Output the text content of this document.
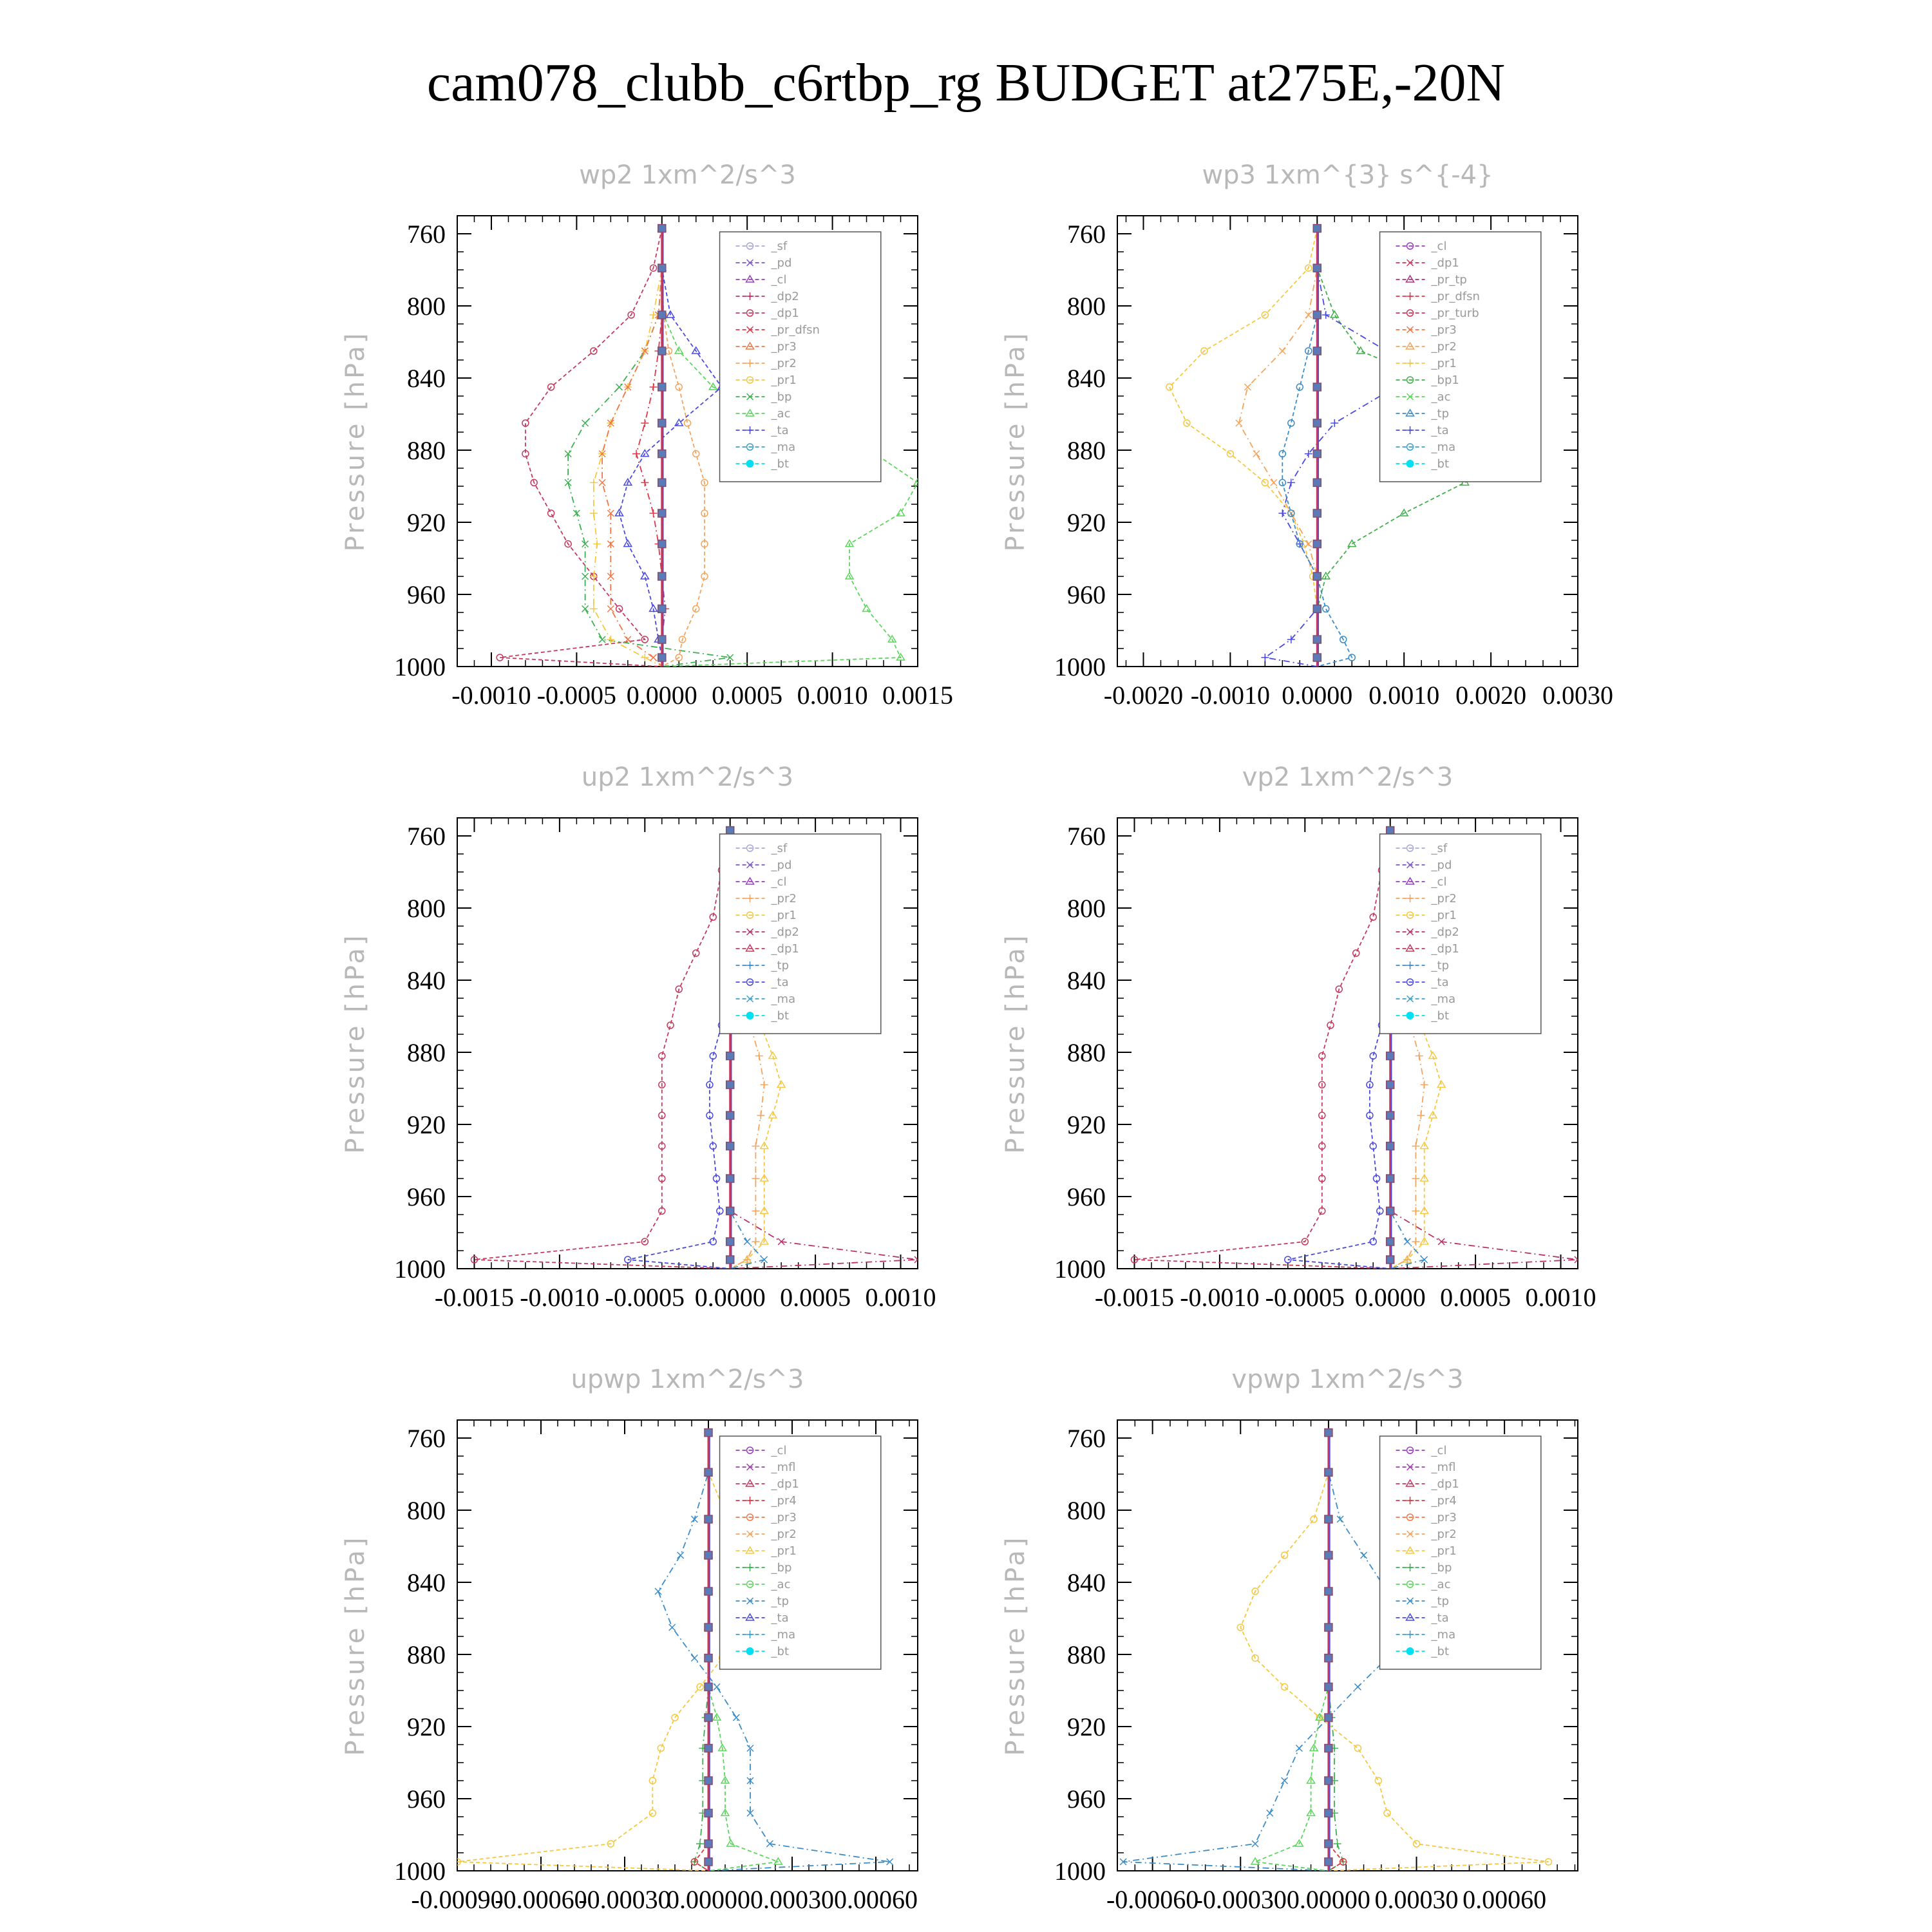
cam078_clubb_c6rtbp_rg BUDGET at275E,-20N
wp2 1xm^2/s^3
Pressure [hPa]
760
800
840
880
920
960
1000
-0.0010 -0.0005 0.0000 0.0005 0.0010 0.0015
_sf
_pd
_cl
_dp2
_dp1
_pr_dfsn
_pr3
_pr2
_pr1
_bp
_ac
_ta
_ma
_bt
wp3 1xm^{3} s^{-4}
Pressure [hPa]
760
800
840
880
920
960
1000
-0.0020 -0.0010 0.0000 0.0010 0.0020 0.0030
_cl
_dp1
_pr_tp
_pr_dfsn
_pr_turb
_pr3
_pr2
_pr1
_bp1
_ac
_tp
_ta
_ma
_bt
up2 1xm^2/s^3
Pressure [hPa]
760
800
840
880
920
960
1000
-0.0015 -0.0010 -0.0005 0.0000 0.0005 0.0010
_sf
_pd
_cl
_pr2
_pr1
_dp2
_dp1
_tp
_ta
_ma
_bt
vp2 1xm^2/s^3
Pressure [hPa]
760
800
840
880
920
960
1000
-0.0015 -0.0010 -0.0005 0.0000 0.0005 0.0010
_sf
_pd
_cl
_pr2
_pr1
_dp2
_dp1
_tp
_ta
_ma
_bt
upwp 1xm^2/s^3
Pressure [hPa]
760
800
840
880
920
960
1000
-0.00090
-0.00060
-0.00030
0.00000 0.00030 0.00060
_cl
_mfl
_dp1
_pr4
_pr3
_pr2
_pr1
_bp
_ac
_tp
_ta
_ma
_bt
vpwp 1xm^2/s^3
Pressure [hPa]
760
800
840
880
920
960
1000
-0.00060
-0.00030 0.00000 0.00030 0.00060
_cl
_mfl
_dp1
_pr4
_pr3
_pr2
_pr1
_bp
_ac
_tp
_ta
_ma
_bt
